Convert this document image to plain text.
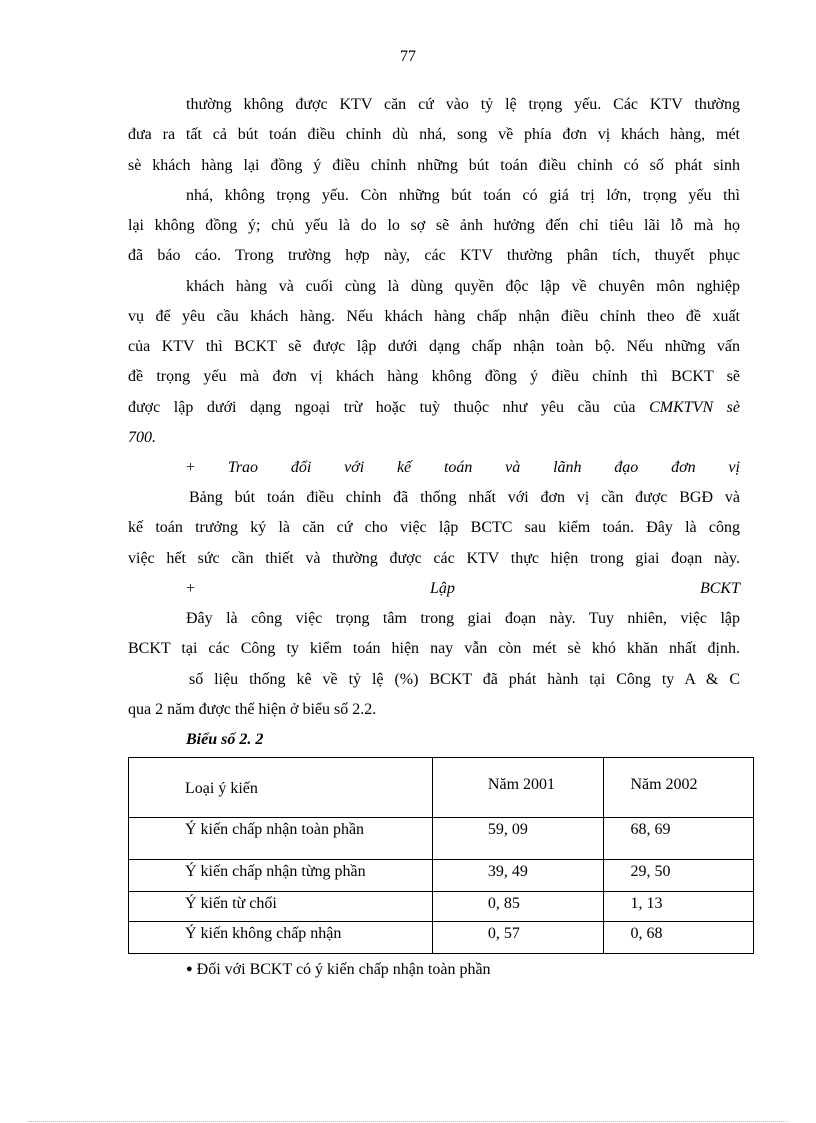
77
thường không được KTV căn cứ vào tỷ lệ trọng yếu. Các KTV thường
đưa ra tất cả bút toán điều chỉnh dù nhá, song về phía đơn vị khách hàng, mét
sè khách hàng lại đồng ý điều chỉnh những bút toán điều chỉnh có số phát sinh
nhá, không trọng yếu. Còn những bút toán có giá trị lớn, trọng yếu thì
lại không đồng ý; chủ yếu là do lo sợ sẽ ảnh hưởng đến chỉ tiêu lãi lỗ mà họ
đã báo cáo. Trong trường hợp này, các KTV thường phân tích, thuyết phục
khách hàng và cuối cùng là dùng quyền độc lập về chuyên môn nghiệp
vụ để yêu cầu khách hàng. Nếu khách hàng chấp nhận điều chỉnh theo đề xuất
của KTV thì BCKT sẽ được lập dưới dạng chấp nhận toàn bộ. Nếu những vấn
đề trọng yếu mà đơn vị khách hàng không đồng ý điều chỉnh thì BCKT sẽ
được lập dưới dạng ngoại trừ hoặc tuỳ thuộc như yêu cầu của CMKTVN sè
700.
+ Trao đổi với kế toán và lãnh đạo đơn vị
Bảng bút toán điều chỉnh đã thống nhất với đơn vị cần được BGĐ và
kế toán trưởng ký là căn cứ cho việc lập BCTC sau kiểm toán. Đây là công
việc hết sức cần thiết và thường được các KTV thực hiện trong giai đoạn này.
+	Lập	BCKT
Đây là công việc trọng tâm trong giai đoạn này. Tuy nhiên, việc lập
BCKT tại các Công ty kiểm toán hiện nay vẫn còn mét sè khó khăn nhất định.
số liệu thống kê về tỷ lệ (%) BCKT đã phát hành tại Công ty A & C
qua 2 năm được thể hiện ở biểu số 2.2.
Biểu số 2. 2
Loại ý kiến	Năm 2001	Năm 2002

Ý kiến chấp nhận toàn phần	59, 09	68, 69

Ý kiến chấp nhận từng phần	39, 49	29, 50

Ý kiến từ chối	0, 85	1, 13

Ý kiến không chấp nhận	0, 57	0, 68
● Đối với BCKT có ý kiến chấp nhận toàn phần
